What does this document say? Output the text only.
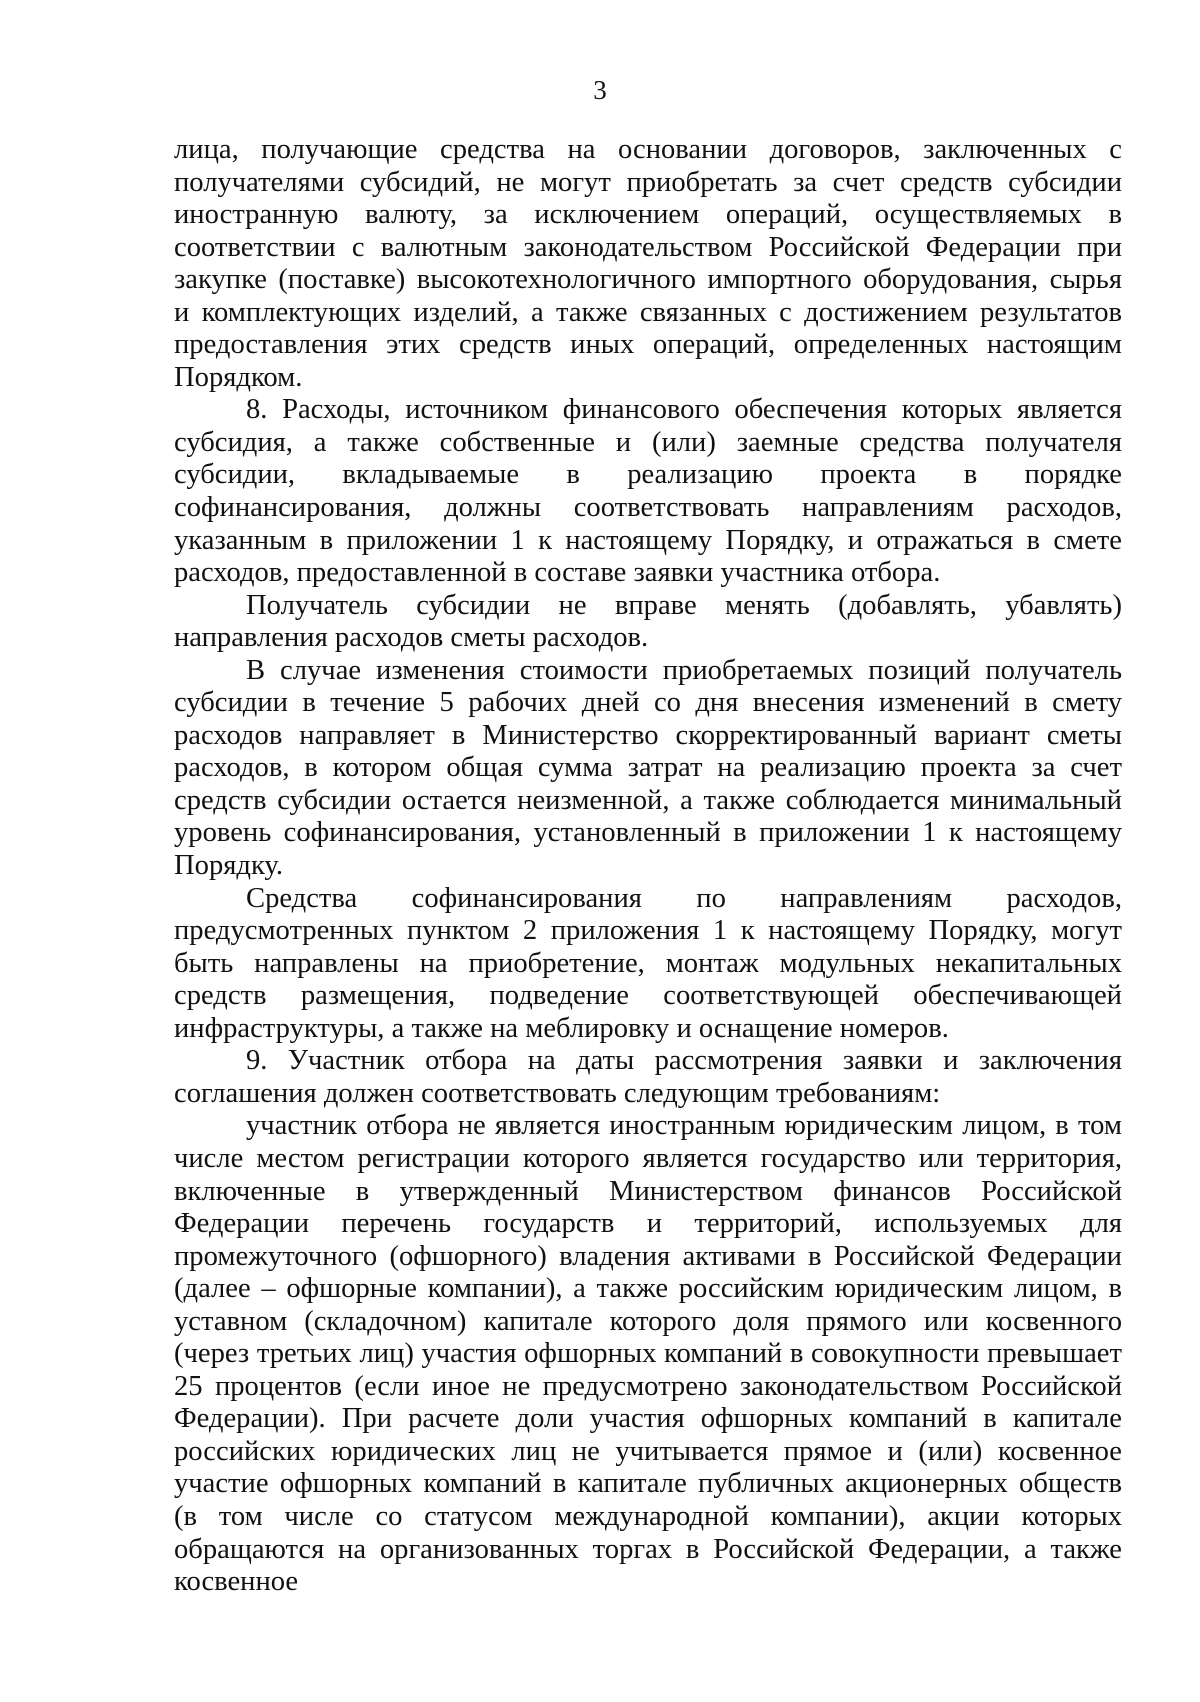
3

лица, получающие средства на основании договоров, заключенных с получателями субсидий, не могут приобретать за счет средств субсидии иностранную валюту, за исключением операций, осуществляемых в соответствии с валютным законодательством Российской Федерации при закупке (поставке) высокотехнологичного импортного оборудования, сырья и комплектующих изделий, а также связанных с достижением результатов предоставления этих средств иных операций, определенных настоящим Порядком.

8. Расходы, источником финансового обеспечения которых является субсидия, а также собственные и (или) заемные средства получателя субсидии, вкладываемые в реализацию проекта в порядке софинансирования, должны соответствовать направлениям расходов, указанным в приложении 1 к настоящему Порядку, и отражаться в смете расходов, предоставленной в составе заявки участника отбора.

Получатель субсидии не вправе менять (добавлять, убавлять) направления расходов сметы расходов.

В случае изменения стоимости приобретаемых позиций получатель субсидии в течение 5 рабочих дней со дня внесения изменений в смету расходов направляет в Министерство скорректированный вариант сметы расходов, в котором общая сумма затрат на реализацию проекта за счет средств субсидии остается неизменной, а также соблюдается минимальный уровень софинансирования, установленный в приложении 1 к настоящему Порядку.

Средства софинансирования по направлениям расходов, предусмотренных пунктом 2 приложения 1 к настоящему Порядку, могут быть направлены на приобретение, монтаж модульных некапитальных средств размещения, подведение соответствующей обеспечивающей инфраструктуры, а также на меблировку и оснащение номеров.

9. Участник отбора на даты рассмотрения заявки и заключения соглашения должен соответствовать следующим требованиям:

участник отбора не является иностранным юридическим лицом, в том числе местом регистрации которого является государство или территория, включенные в утвержденный Министерством финансов Российской Федерации перечень государств и территорий, используемых для промежуточного (офшорного) владения активами в Российской Федерации (далее – офшорные компании), а также российским юридическим лицом, в уставном (складочном) капитале которого доля прямого или косвенного (через третьих лиц) участия офшорных компаний в совокупности превышает 25 процентов (если иное не предусмотрено законодательством Российской Федерации). При расчете доли участия офшорных компаний в капитале российских юридических лиц не учитывается прямое и (или) косвенное участие офшорных компаний в капитале публичных акционерных обществ (в том числе со статусом международной компании), акции которых обращаются на организованных торгах в Российской Федерации, а также косвенное
